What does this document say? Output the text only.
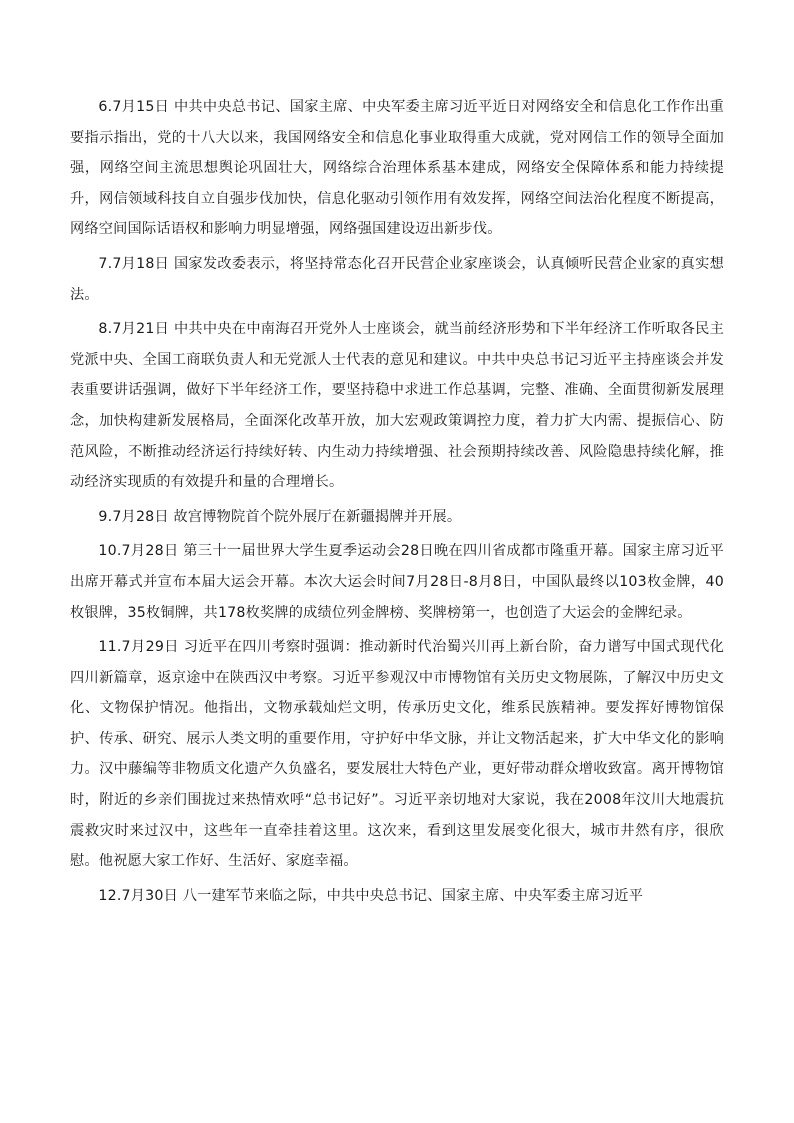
6.7月15日 中共中央总书记、国家主席、中央军委主席习近平近日对网络安全和信息化工作作出重要指示指出，党的十八大以来，我国网络安全和信息化事业取得重大成就，党对网信工作的领导全面加强，网络空间主流思想舆论巩固壮大，网络综合治理体系基本建成，网络安全保障体系和能力持续提升，网信领域科技自立自强步伐加快，信息化驱动引领作用有效发挥，网络空间法治化程度不断提高，网络空间国际话语权和影响力明显增强，网络强国建设迈出新步伐。

7.7月18日 国家发改委表示，将坚持常态化召开民营企业家座谈会，认真倾听民营企业家的真实想法。

8.7月21日 中共中央在中南海召开党外人士座谈会，就当前经济形势和下半年经济工作听取各民主党派中央、全国工商联负责人和无党派人士代表的意见和建议。中共中央总书记习近平主持座谈会并发表重要讲话强调，做好下半年经济工作，要坚持稳中求进工作总基调，完整、准确、全面贯彻新发展理念，加快构建新发展格局，全面深化改革开放，加大宏观政策调控力度，着力扩大内需、提振信心、防范风险，不断推动经济运行持续好转、内生动力持续增强、社会预期持续改善、风险隐患持续化解，推动经济实现质的有效提升和量的合理增长。

9.7月28日 故宫博物院首个院外展厅在新疆揭牌并开展。

10.7月28日 第三十一届世界大学生夏季运动会28日晚在四川省成都市隆重开幕。国家主席习近平出席开幕式并宣布本届大运会开幕。本次大运会时间7月28日-8月8日，中国队最终以103枚金牌，40枚银牌，35枚铜牌，共178枚奖牌的成绩位列金牌榜、奖牌榜第一，也创造了大运会的金牌纪录。

11.7月29日 习近平在四川考察时强调：推动新时代治蜀兴川再上新台阶，奋力谱写中国式现代化四川新篇章，返京途中在陕西汉中考察。习近平参观汉中市博物馆有关历史文物展陈，了解汉中历史文化、文物保护情况。他指出，文物承载灿烂文明，传承历史文化，维系民族精神。要发挥好博物馆保护、传承、研究、展示人类文明的重要作用，守护好中华文脉，并让文物活起来，扩大中华文化的影响力。汉中藤编等非物质文化遗产久负盛名，要发展壮大特色产业，更好带动群众增收致富。离开博物馆时，附近的乡亲们围拢过来热情欢呼“总书记好”。习近平亲切地对大家说，我在2008年汶川大地震抗震救灾时来过汉中，这些年一直牵挂着这里。这次来，看到这里发展变化很大，城市井然有序，很欣慰。他祝愿大家工作好、生活好、家庭幸福。

12.7月30日 八一建军节来临之际，中共中央总书记、国家主席、中央军委主席习近平
